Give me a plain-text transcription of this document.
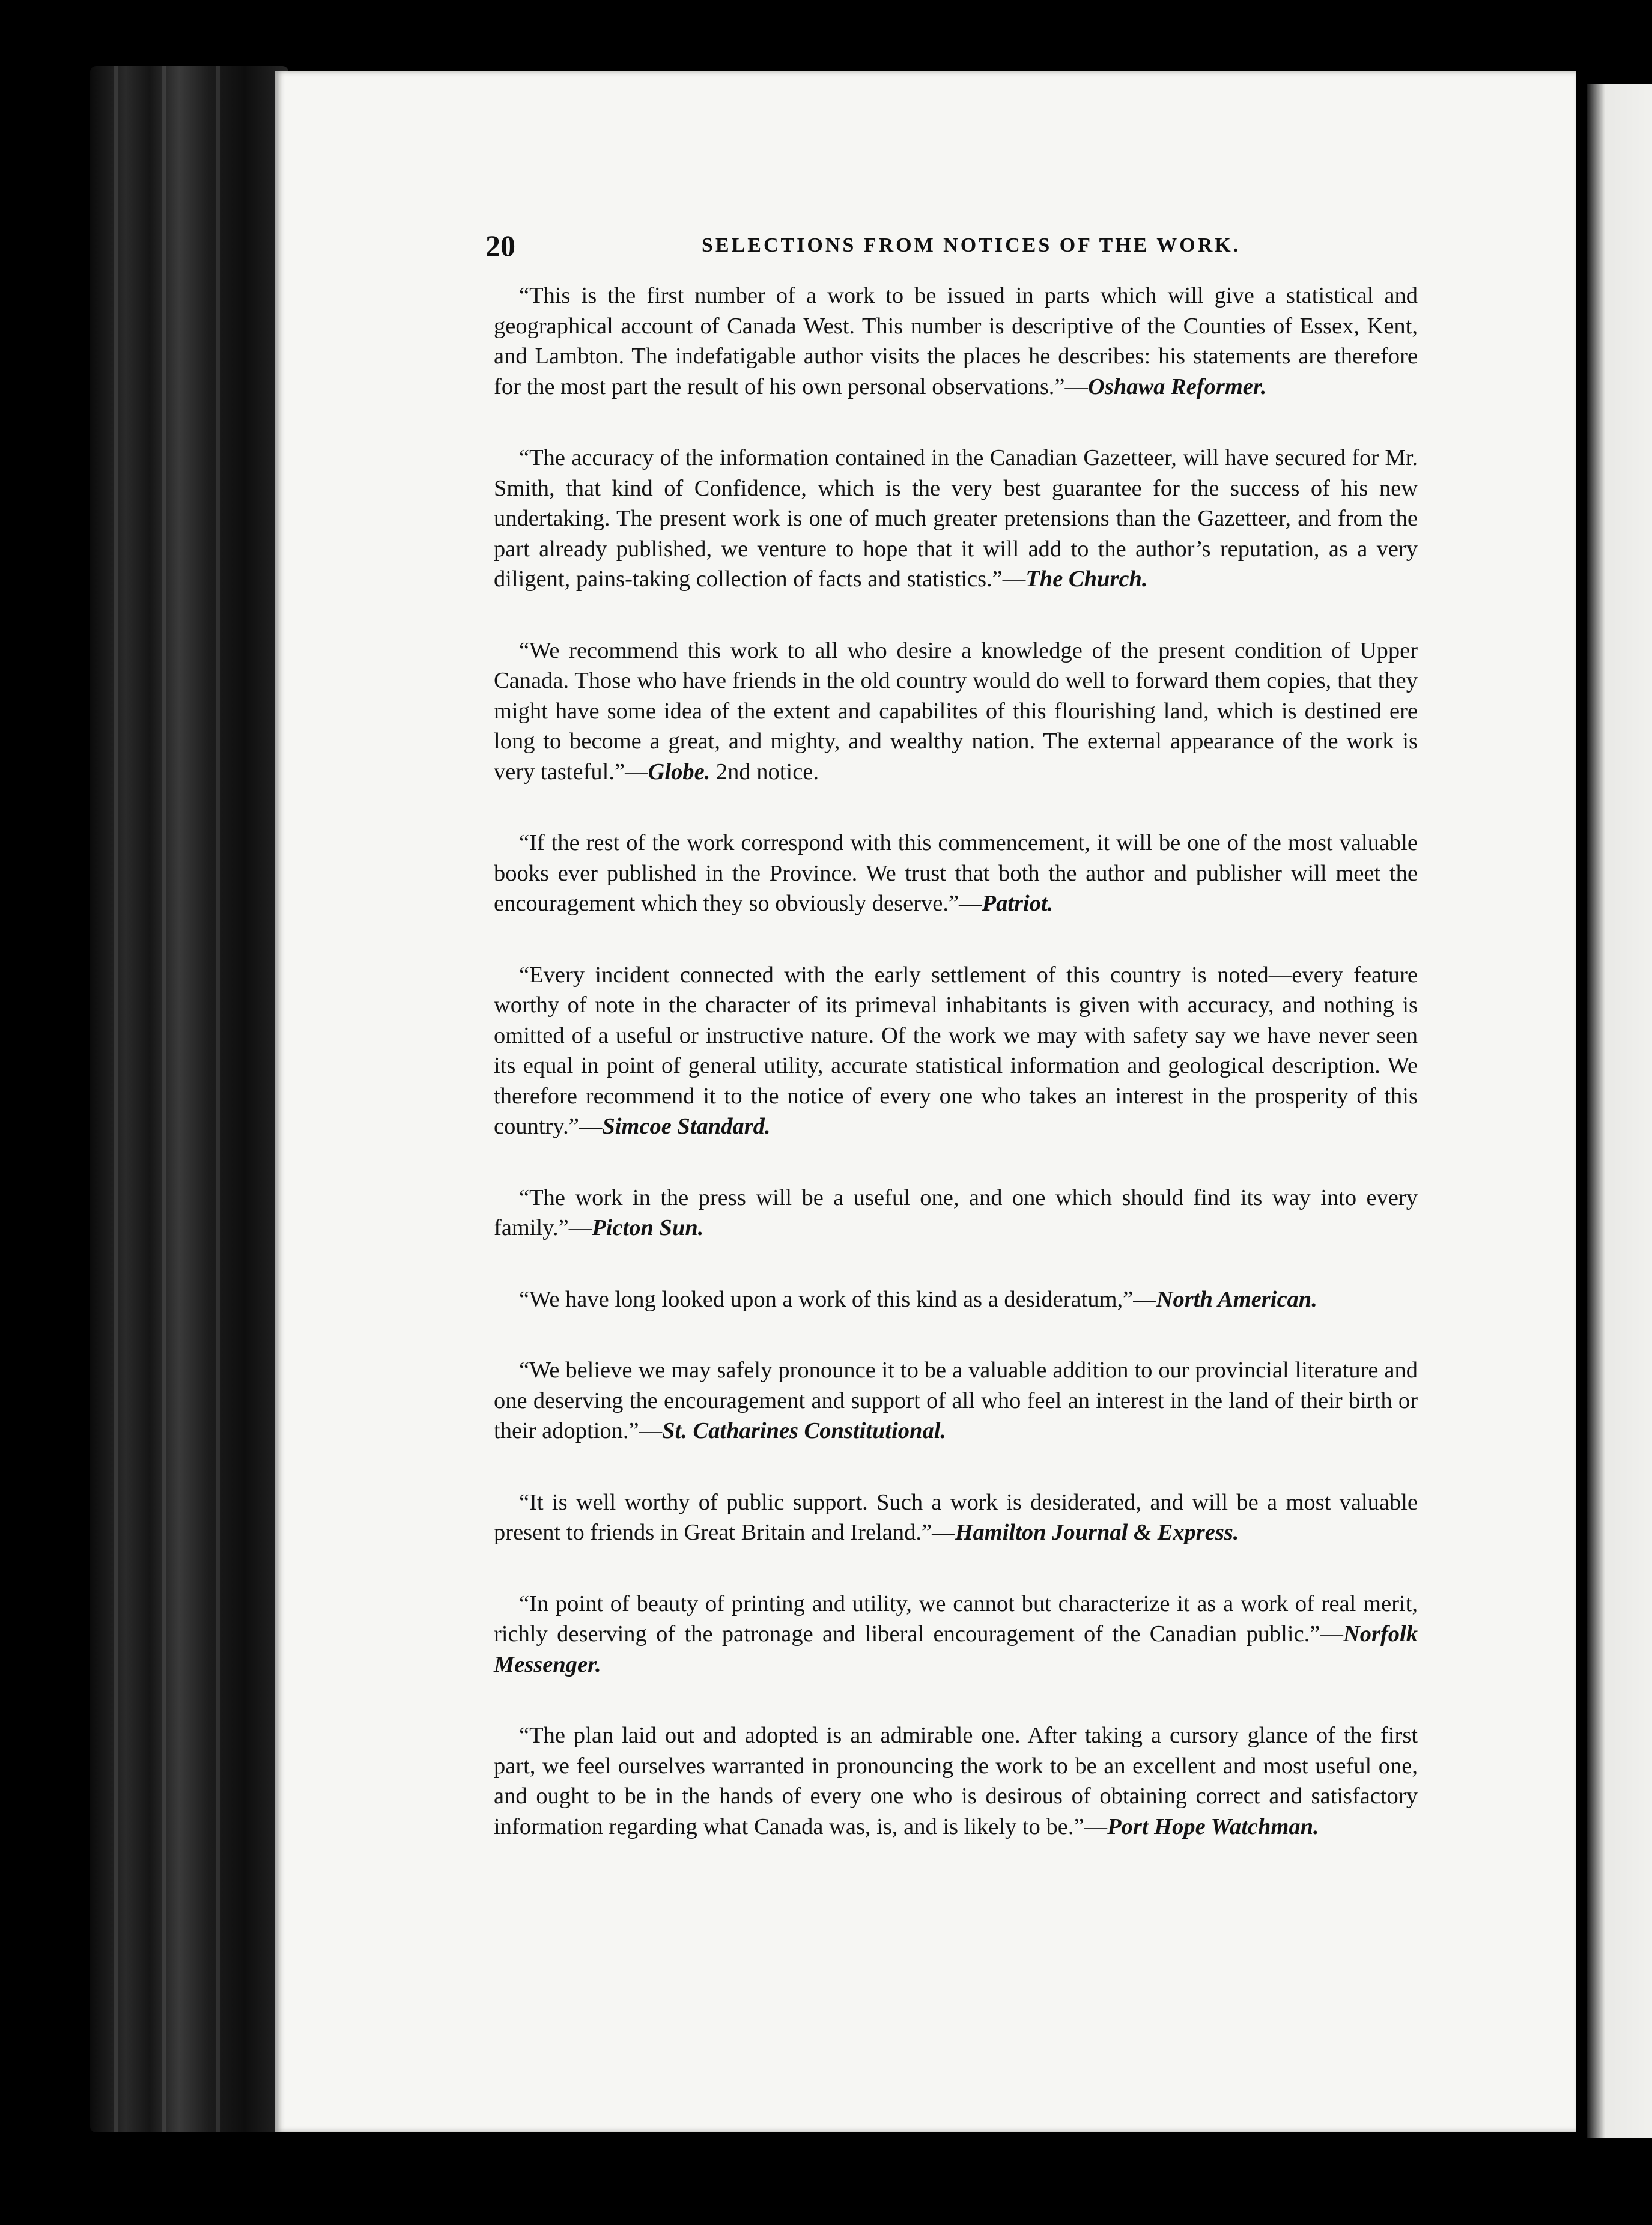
20	SELECTIONS FROM NOTICES OF THE WORK.

“This is the first number of a work to be issued in parts which will give a statistical and geographical account of Canada West. This number is descriptive of the Counties of Essex, Kent, and Lambton. The indefatigable author visits the places he describes: his statements are therefore for the most part the result of his own personal observations.”—Oshawa Reformer.

“The accuracy of the information contained in the Canadian Gazetteer, will have secured for Mr. Smith, that kind of Confidence, which is the very best guarantee for the success of his new undertaking. The present work is one of much greater pretensions than the Gazetteer, and from the part already published, we venture to hope that it will add to the author’s reputation, as a very diligent, pains-taking collection of facts and statistics.”—The Church.

“We recommend this work to all who desire a knowledge of the present condition of Upper Canada. Those who have friends in the old country would do well to forward them copies, that they might have some idea of the extent and capabilites of this flourishing land, which is destined ere long to become a great, and mighty, and wealthy nation. The external appearance of the work is very tasteful.”—Globe. 2nd notice.

“If the rest of the work correspond with this commencement, it will be one of the most valuable books ever published in the Province. We trust that both the author and publisher will meet the encouragement which they so obviously deserve.”—Patriot.

“Every incident connected with the early settlement of this country is noted—every feature worthy of note in the character of its primeval inhabitants is given with accuracy, and nothing is omitted of a useful or instructive nature. Of the work we may with safety say we have never seen its equal in point of general utility, accurate statistical information and geological description. We therefore recommend it to the notice of every one who takes an interest in the prosperity of this country.”—Simcoe Standard.

“The work in the press will be a useful one, and one which should find its way into every family.”—Picton Sun.

“We have long looked upon a work of this kind as a desideratum,”—North American.

“We believe we may safely pronounce it to be a valuable addition to our provincial literature and one deserving the encouragement and support of all who feel an interest in the land of their birth or their adoption.”—St. Catharines Constitutional.

“It is well worthy of public support. Such a work is desiderated, and will be a most valuable present to friends in Great Britain and Ireland.”—Hamilton Journal & Express.

“In point of beauty of printing and utility, we cannot but characterize it as a work of real merit, richly deserving of the patronage and liberal encouragement of the Canadian public.”—Norfolk Messenger.

“The plan laid out and adopted is an admirable one. After taking a cursory glance of the first part, we feel ourselves warranted in pronouncing the work to be an excellent and most useful one, and ought to be in the hands of every one who is desirous of obtaining correct and satisfactory information regarding what Canada was, is, and is likely to be.”—Port Hope Watchman.
